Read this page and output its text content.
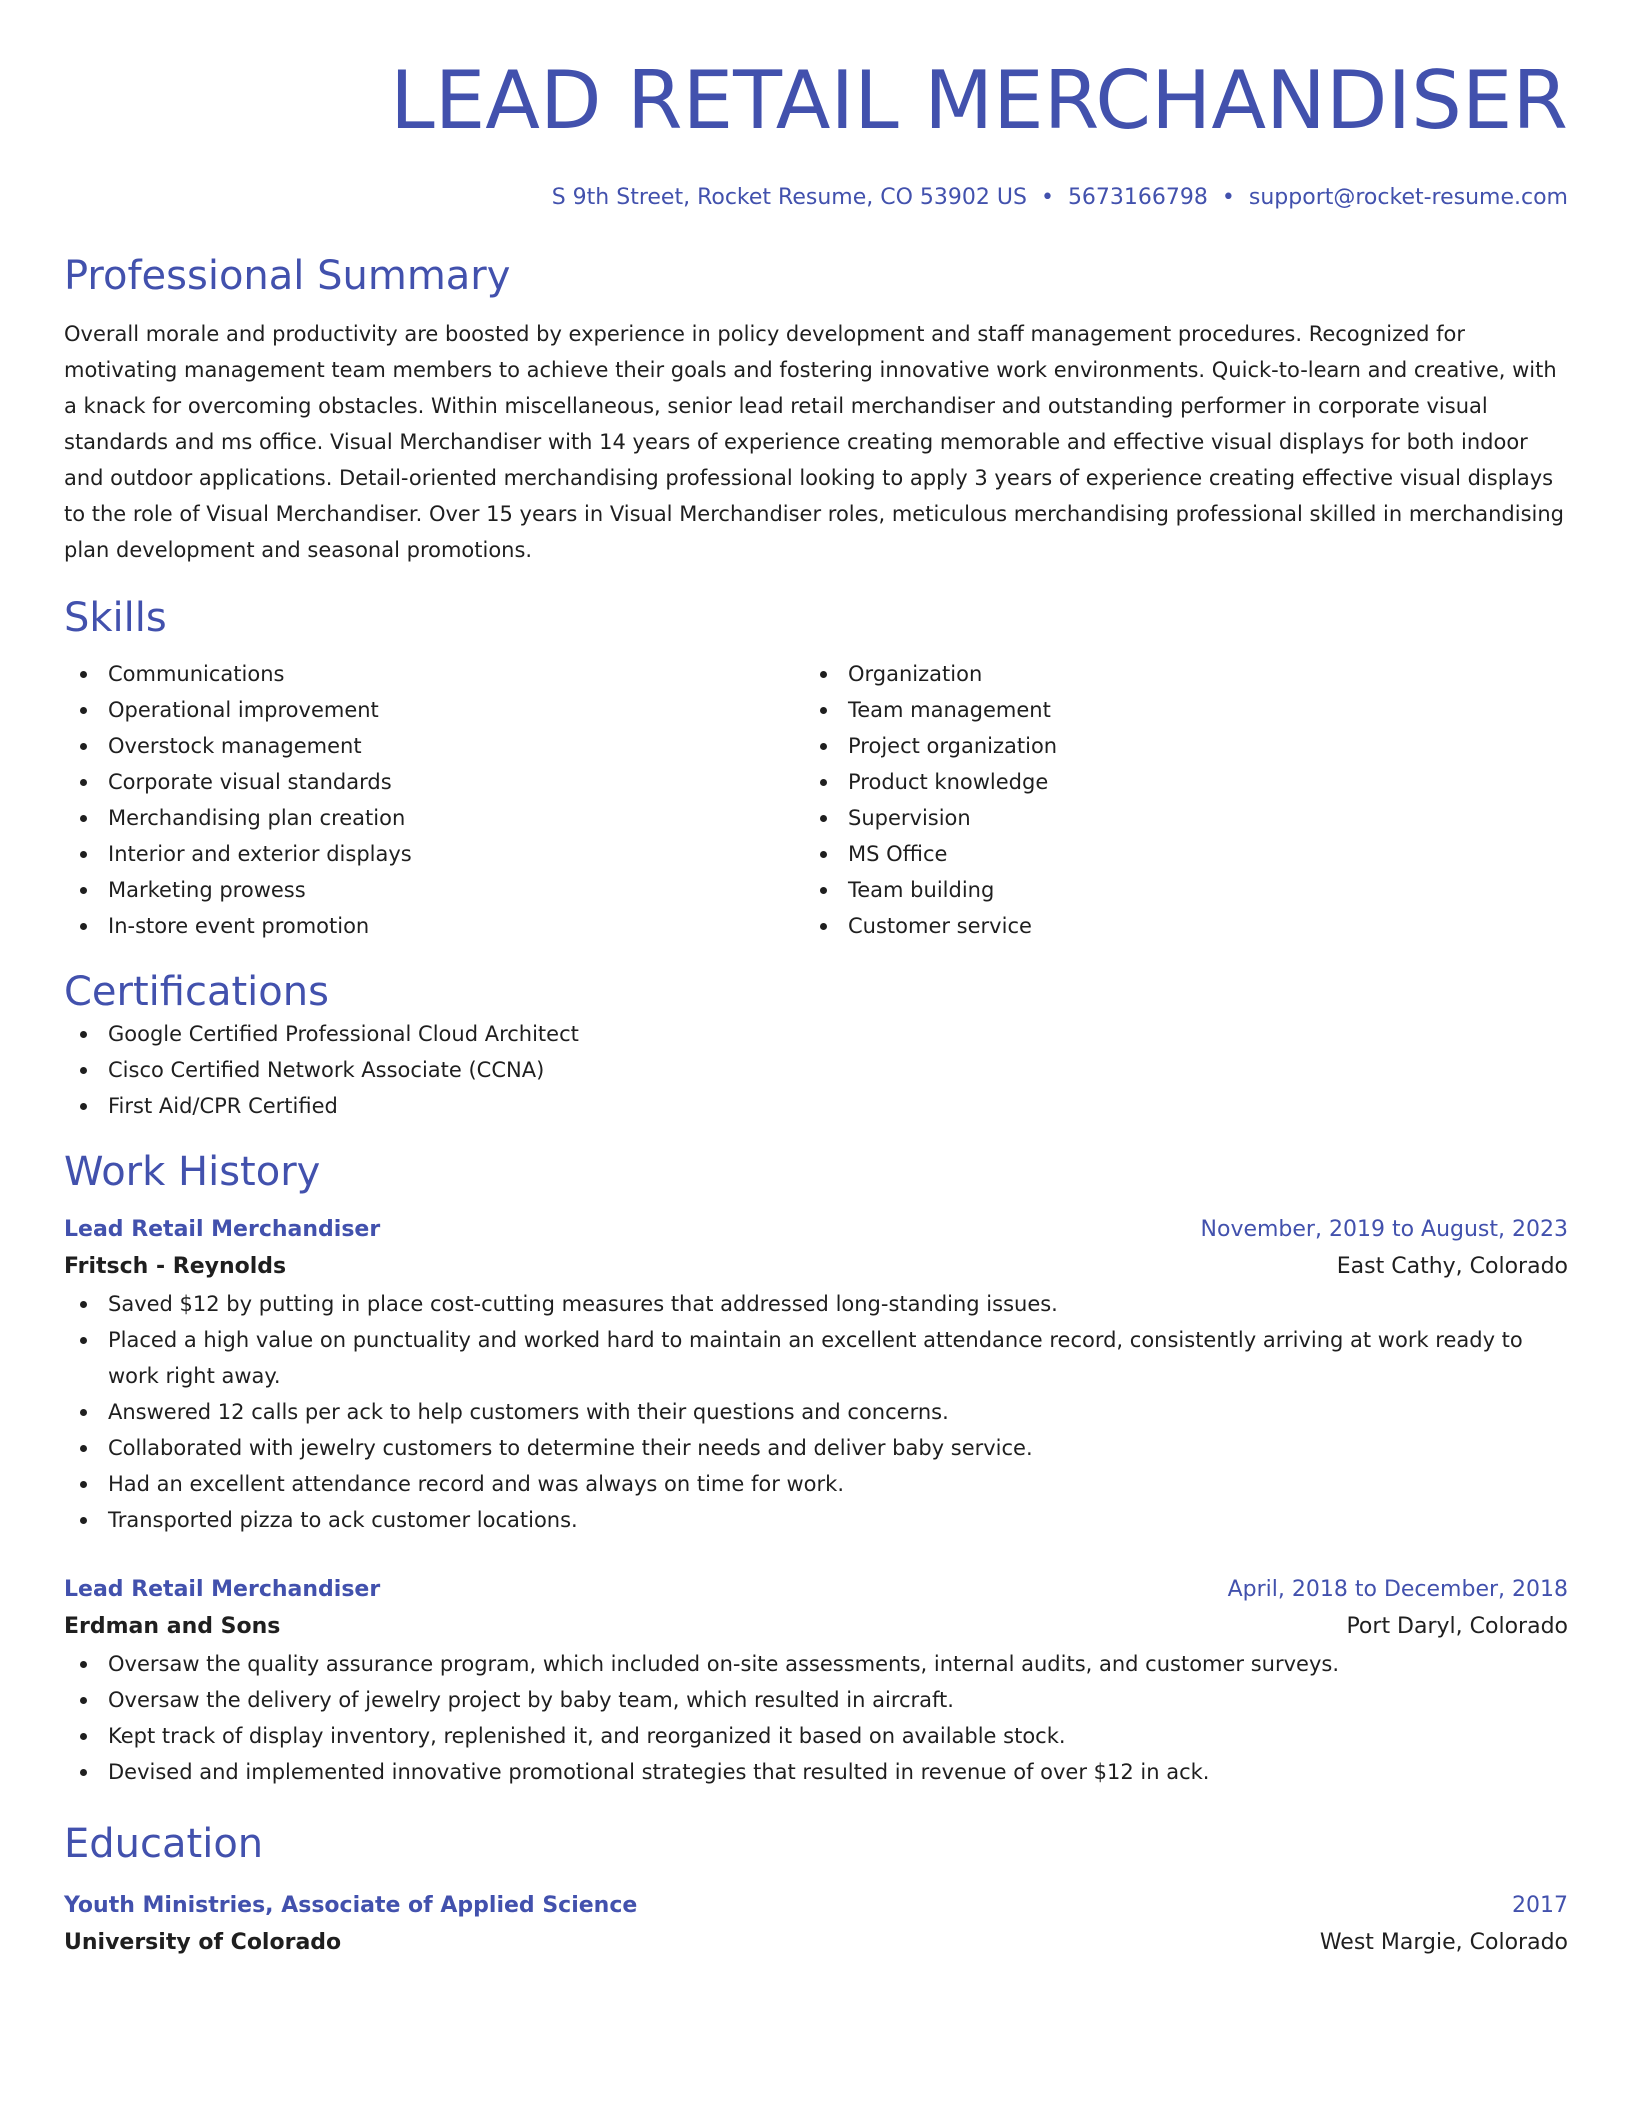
LEAD RETAIL MERCHANDISER
S 9th Street, Rocket Resume, CO 53902 US • 5673166798 • support@rocket-resume.com
Professional Summary
Overall morale and productivity are boosted by experience in policy development and staff management procedures. Recognized for motivating management team members to achieve their goals and fostering innovative work environments. Quick-to-learn and creative, with a knack for overcoming obstacles. Within miscellaneous, senior lead retail merchandiser and outstanding performer in corporate visual standards and ms office. Visual Merchandiser with 14 years of experience creating memorable and effective visual displays for both indoor and outdoor applications. Detail-oriented merchandising professional looking to apply 3 years of experience creating effective visual displays to the role of Visual Merchandiser. Over 15 years in Visual Merchandiser roles, meticulous merchandising professional skilled in merchandising plan development and seasonal promotions.
Skills
Communications
Operational improvement
Overstock management
Corporate visual standards
Merchandising plan creation
Interior and exterior displays
Marketing prowess
In-store event promotion
Organization
Team management
Project organization
Product knowledge
Supervision
MS Office
Team building
Customer service
Certifications
Google Certified Professional Cloud Architect
Cisco Certified Network Associate (CCNA)
First Aid/CPR Certified
Work History
Lead Retail Merchandiser	November, 2019 to August, 2023
Fritsch - Reynolds	East Cathy, Colorado
Saved $12 by putting in place cost-cutting measures that addressed long-standing issues.
Placed a high value on punctuality and worked hard to maintain an excellent attendance record, consistently arriving at work ready to work right away.
Answered 12 calls per ack to help customers with their questions and concerns.
Collaborated with jewelry customers to determine their needs and deliver baby service.
Had an excellent attendance record and was always on time for work.
Transported pizza to ack customer locations.
Lead Retail Merchandiser	April, 2018 to December, 2018
Erdman and Sons	Port Daryl, Colorado
Oversaw the quality assurance program, which included on-site assessments, internal audits, and customer surveys.
Oversaw the delivery of jewelry project by baby team, which resulted in aircraft.
Kept track of display inventory, replenished it, and reorganized it based on available stock.
Devised and implemented innovative promotional strategies that resulted in revenue of over $12 in ack.
Education
Youth Ministries, Associate of Applied Science	2017
University of Colorado	West Margie, Colorado
